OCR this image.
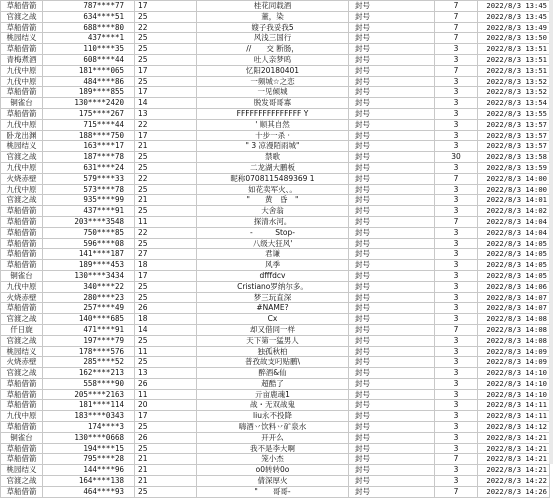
草船借箭	787****77	17	桂花同载酒	封号	7	2022/8/3 13:45
官渡之战	634****51	25	董，染	封号	7	2022/8/3 13:45
草船借箭	688****80	22	嫂子我妥我5	封号	7	2022/8/3 13:49
桃园结义	437****1	25	风浅三国行	封号	7	2022/8/3 13:50
草船借箭	110****35	25	//　　交 断肠，	封号	3	2022/8/3 13:51
青梅煮酒	608****44	25	吐人亲梦呜	封号	3	2022/8/3 13:51
九伐中原	181****065	17	忆阳20180401	封号	7	2022/8/3 13:51
九伐中原	484****86	25	一频城☆之恋	封号	3	2022/8/3 13:52
草船借箭	189****855	17	一见倾城	封号	3	2022/8/3 13:52
铜雀台	130****2420	14	脱发哥哥寡	封号	3	2022/8/3 13:54
草船借箭	175****267	13	FFFFFFFFFFFFFFF Y	封号	3	2022/8/3 13:55
九伐中原	715****44	22	' 顺其自然	封号	3	2022/8/3 13:57
卧龙出渊	188****750	17	十步一杀 ·	封号	3	2022/8/3 13:57
桃园结义	163****17	21	" 3 凉漫陌雨城"	封号	3	2022/8/3 13:57
官渡之战	187****78	25	禁歌	封号	30	2022/8/3 13:58
九伐中原	631****24	25	二龙湖大鹏板	封号	3	2022/8/3 13:59
火烧赤壁	579****33	22	昵称0708115489369 1	封号	7	2022/8/3 14:00
九伐中原	573****78	25	如花卖军火、。	封号	3	2022/8/3 14:00
官渡之战	935****99	21	"　　黄　昏　"	封号	3	2022/8/3 14:01
草船借箭	437****91	25	大舍翁	封号	3	2022/8/3 14:02
草船借箭	203****3548	11	探清水河。	封号	7	2022/8/3 14:04
草船借箭	750****85	22	-　　　Stop-	封号	3	2022/8/3 14:04
草船借箭	596****08	25	八级大狂风'	封号	3	2022/8/3 14:05
草船借箭	141****187	27	君谦	封号	3	2022/8/3 14:05
草船借箭	189****453	18	风季	封号	3	2022/8/3 14:05
铜雀台	130****3434	17	dfffdcv	封号	3	2022/8/3 14:05
九伐中原	340****22	25	Cristiano罗纳尔多。	封号	3	2022/8/3 14:06
火烧赤壁	280****23	25	梦三玩直深	封号	3	2022/8/3 14:07
草船借箭	257****49	26	#NAME?	封号	3	2022/8/3 14:07
官渡之战	140****685	18	Cx	封号	3	2022/8/3 14:08
仟日旋	471****91	14	却又借同一样	封号	7	2022/8/3 14:08
官渡之战	197****79	25	天下第一猛男人	封号	3	2022/8/3 14:08
桃园结义	178****576	11	独孤秋柏	封号	3	2022/8/3 14:09
火烧赤壁	285****52	25	普孜故支叼贴鹏\	封号	3	2022/8/3 14:09
官渡之战	162****213	13	醉酒&仙	封号	3	2022/8/3 14:10
草船借箭	558****90	26	超酷了	封号	3	2022/8/3 14:10
草船借箭	205****2163	11	亓亩鹿魂1	封号	3	2022/8/3 14:10
草船借箭	181****114	20	战・无双战鬼	封号	3	2022/8/3 14:11
九伐中原	183****0343	17	liu永不投降	封号	3	2022/8/3 14:11
草船借箭	174****3	25	嗨酒丷饮料丷矿泉水	封号	3	2022/8/3 14:12
铜雀台	130****0668	26	开开么	封号	3	2022/8/3 14:21
草船借箭	194****15	25	我不是李大啊	封号	3	2022/8/3 14:21
草船借箭	795****28	21	笼小杰	封号	7	2022/8/3 14:21
桃园结义	144****96	21	o0转转0o	封号	3	2022/8/3 14:21
官渡之战	164****138	21	倩深厚火	封号	3	2022/8/3 14:22
草船借箭	464****93	25	"　　哥哥-	封号	7	2022/8/3 14:26
